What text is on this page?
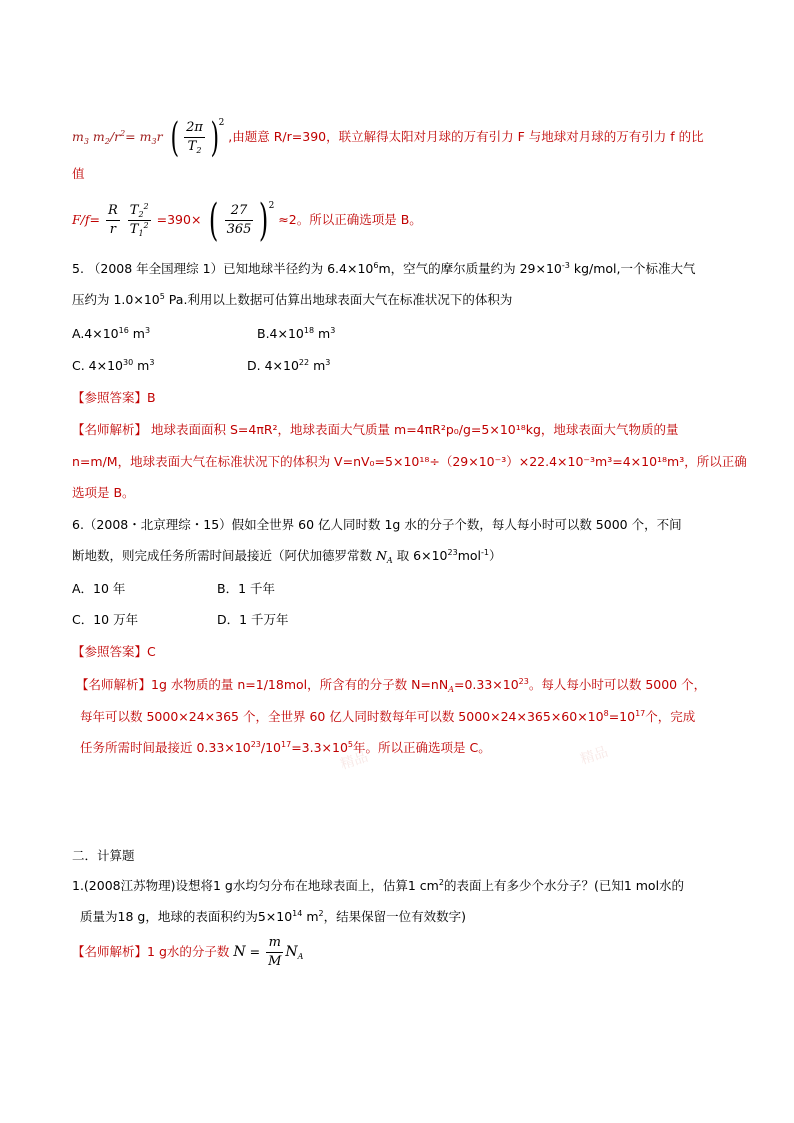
精品	精品
$m_3$ $m_2/r^2= m_3r$ ( $\frac{2\pi}{T_2} )2$ ,由题意 R/r=390，联立解得太阳对月球的万有引力 F 与地球对月球的万有引力 f 的比
值
$F/f= \frac{R}{r}$
$\frac{T_2^2}{T_1^2} =390\times$ ( $\frac{27}{365} )2 \approx 2$。所以正确选项是 B。
5. （2008 年全国理综 1）已知地球半径约为 $6.4\times 10^6m$，空气的摩尔质量约为 $29\times 10^{-3}$ kg/mol,一个标准大气
压约为 $1.0\times 10^5$ Pa.利用以上数据可估算出地球表面大气在标准状况下的体积为
$A.4\times 10^{16}$ $m^3$	$B.4\times 10^{18}$ $m^3$
C. $4\times 10^{30}$ $m^3$	D. $4\times 10^{22}$ $m^3$
【参照答案】B
【名师解析】 地球表面面积 S=4πR²，地球表面大气质量 m=4πR²p₀/g=5×10¹⁸kg，地球表面大气物质的量
n=m/M，地球表面大气在标准状况下的体积为 V=nV₀=5×10¹⁸÷（29×10⁻³）×22.4×10⁻³m³=4×10¹⁸m³，所以正确
选项是 B。
6.（2008・北京理综・15）假如全世界 60 亿人同时数 1g 水的分子个数，每人每小时可以数 5000 个，不间
断地数，则完成任务所需时间最接近（阿伏加德罗常数 $N_A$ 取 $6\times 10^{23}mol^{-1}$）
A．10 年	B．1 千年
C．10 万年	D．1 千万年
【参照答案】C
【名师解析】1g 水物质的量 n=1/18mol，所含有的分子数 $N=nN_A=0.33\times 10^{23}$。每人每小时可以数 5000 个，
每年可以数 5000×24×365 个，全世界 60 亿人同时数每年可以数 $5000\times 24\times 365\times 60\times 10^8=10^{17}$个，完成
任务所需时间最接近 $0.33\times 10^{23}/10^{17}=3.3\times 10^5$年。所以正确选项是 C。
二．计算题
1.(2008江苏物理)设想将1 g水均匀分布在地球表面上，估算1 $cm^2$的表面上有多少个水分子？(已知1 mol水的
质量为18 g，地球的表面积约为$5\times 10^{14}$ $m^2$，结果保留一位有效数字)
【名师解析】1 g水的分子数 $N = \frac{m}{M} N_A$
